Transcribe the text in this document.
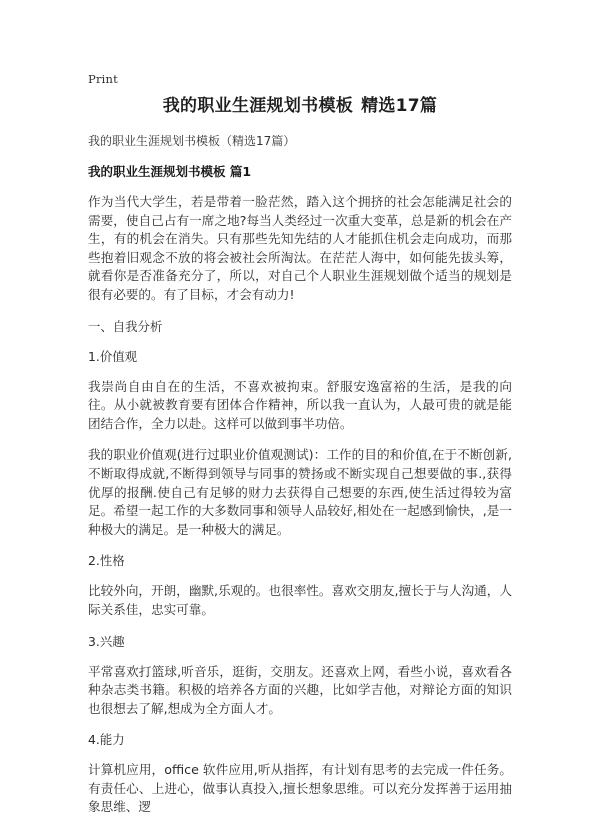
Print
我的职业生涯规划书模板 精选17篇

我的职业生涯规划书模板（精选17篇）

我的职业生涯规划书模板 篇1

作为当代大学生，若是带着一脸茫然，踏入这个拥挤的社会怎能满足社会的需要，使自己占有一席之地?每当人类经过一次重大变革，总是新的机会在产生，有的机会在消失。只有那些先知先结的人才能抓住机会走向成功，而那些抱着旧观念不放的将会被社会所淘汰。在茫茫人海中，如何能先拔头筹，就看你是否准备充分了，所以，对自己个人职业生涯规划做个适当的规划是很有必要的。有了目标，才会有动力!

一、自我分析
1.价值观

我崇尚自由自在的生活，不喜欢被拘束。舒服安逸富裕的生活，是我的向往。从小就被教育要有团体合作精神，所以我一直认为，人最可贵的就是能团结合作，全力以赴。这样可以做到事半功倍。

我的职业价值观(进行过职业价值观测试)：工作的目的和价值,在于不断创新,不断取得成就,不断得到领导与同事的赞扬或不断实现自己想要做的事.,获得优厚的报酬.使自己有足够的财力去获得自己想要的东西,使生活过得较为富足。希望一起工作的大多数同事和领导人品较好,相处在一起感到愉快，,是一种极大的满足。是一种极大的满足。

2.性格

比较外向，开朗，幽默,乐观的。也很率性。喜欢交朋友,擅长于与人沟通，人际关系佳，忠实可靠。

3.兴趣

平常喜欢打篮球,听音乐，逛街，交朋友。还喜欢上网，看些小说，喜欢看各种杂志类书籍。积极的培养各方面的兴趣，比如学吉他，对辩论方面的知识也很想去了解,想成为全方面人才。

4.能力

计算机应用，office 软件应用,听从指挥，有计划有思考的去完成一件任务。有责任心、上进心，做事认真投入,擅长想象思维。可以充分发挥善于运用抽象思维、逻
